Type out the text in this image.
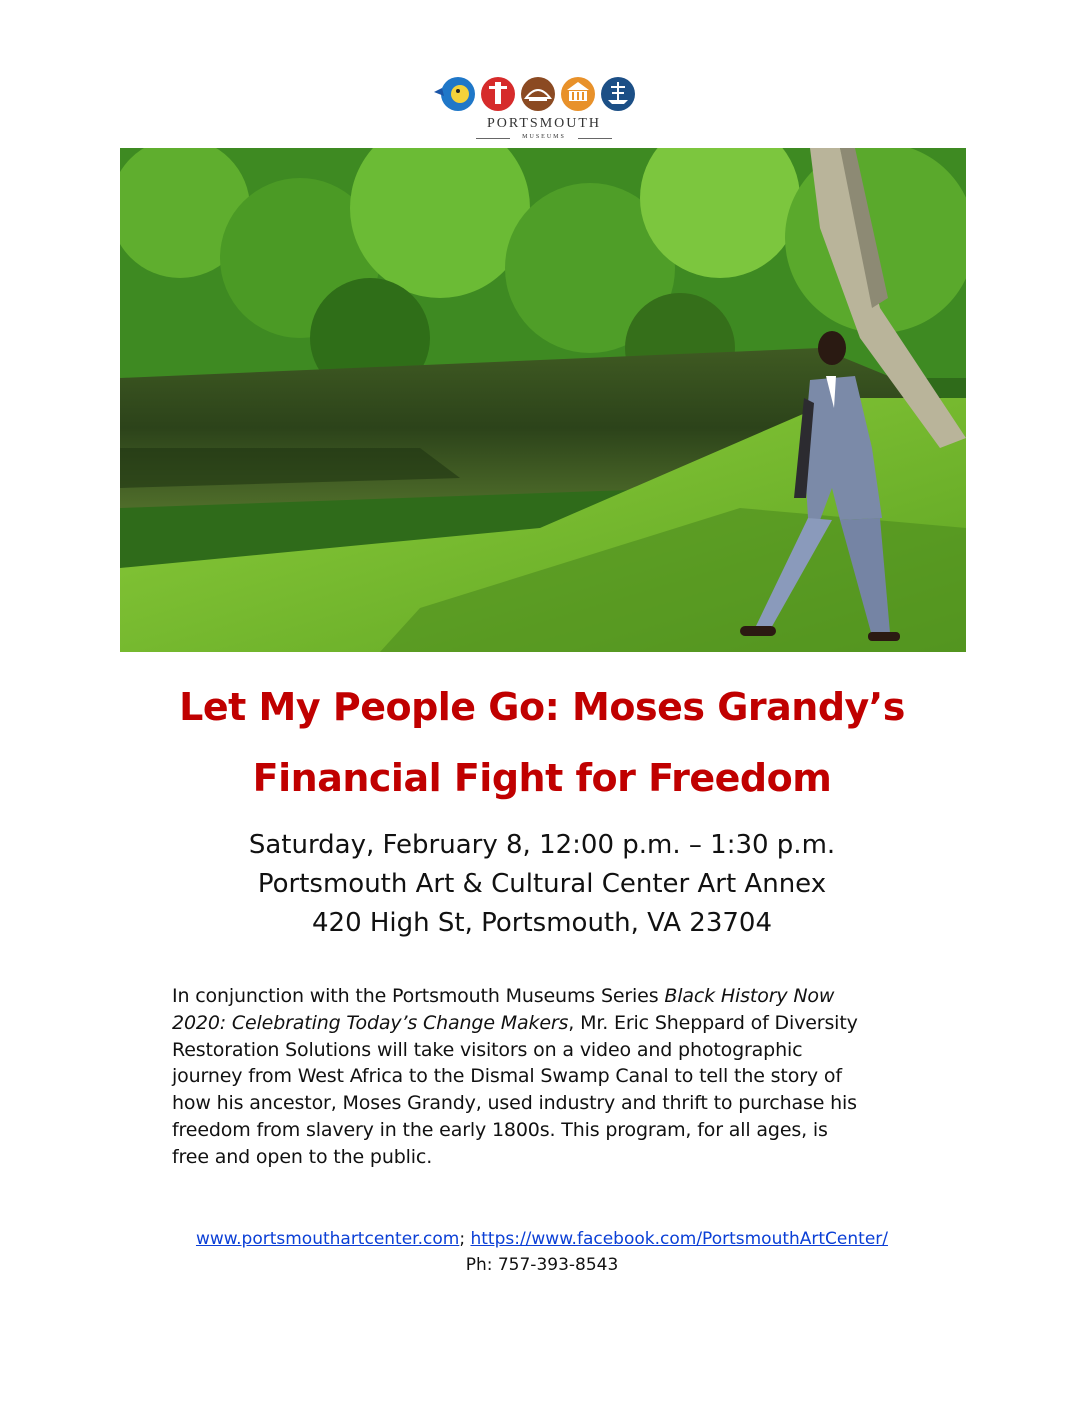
PORTSMOUTH
MUSEUMS
Let My People Go: Moses Grandy’s
Financial Fight for Freedom
Saturday, February 8, 12:00 p.m. – 1:30 p.m.
Portsmouth Art & Cultural Center Art Annex
420 High St, Portsmouth, VA 23704
In conjunction with the Portsmouth Museums Series Black History Now
2020: Celebrating Today’s Change Makers, Mr. Eric Sheppard of Diversity
Restoration Solutions will take visitors on a video and photographic
journey from West Africa to the Dismal Swamp Canal to tell the story of
how his ancestor, Moses Grandy, used industry and thrift to purchase his
freedom from slavery in the early 1800s. This program, for all ages, is
free and open to the public.
www.portsmouthartcenter.com; https://www.facebook.com/PortsmouthArtCenter/
Ph: 757-393-8543
